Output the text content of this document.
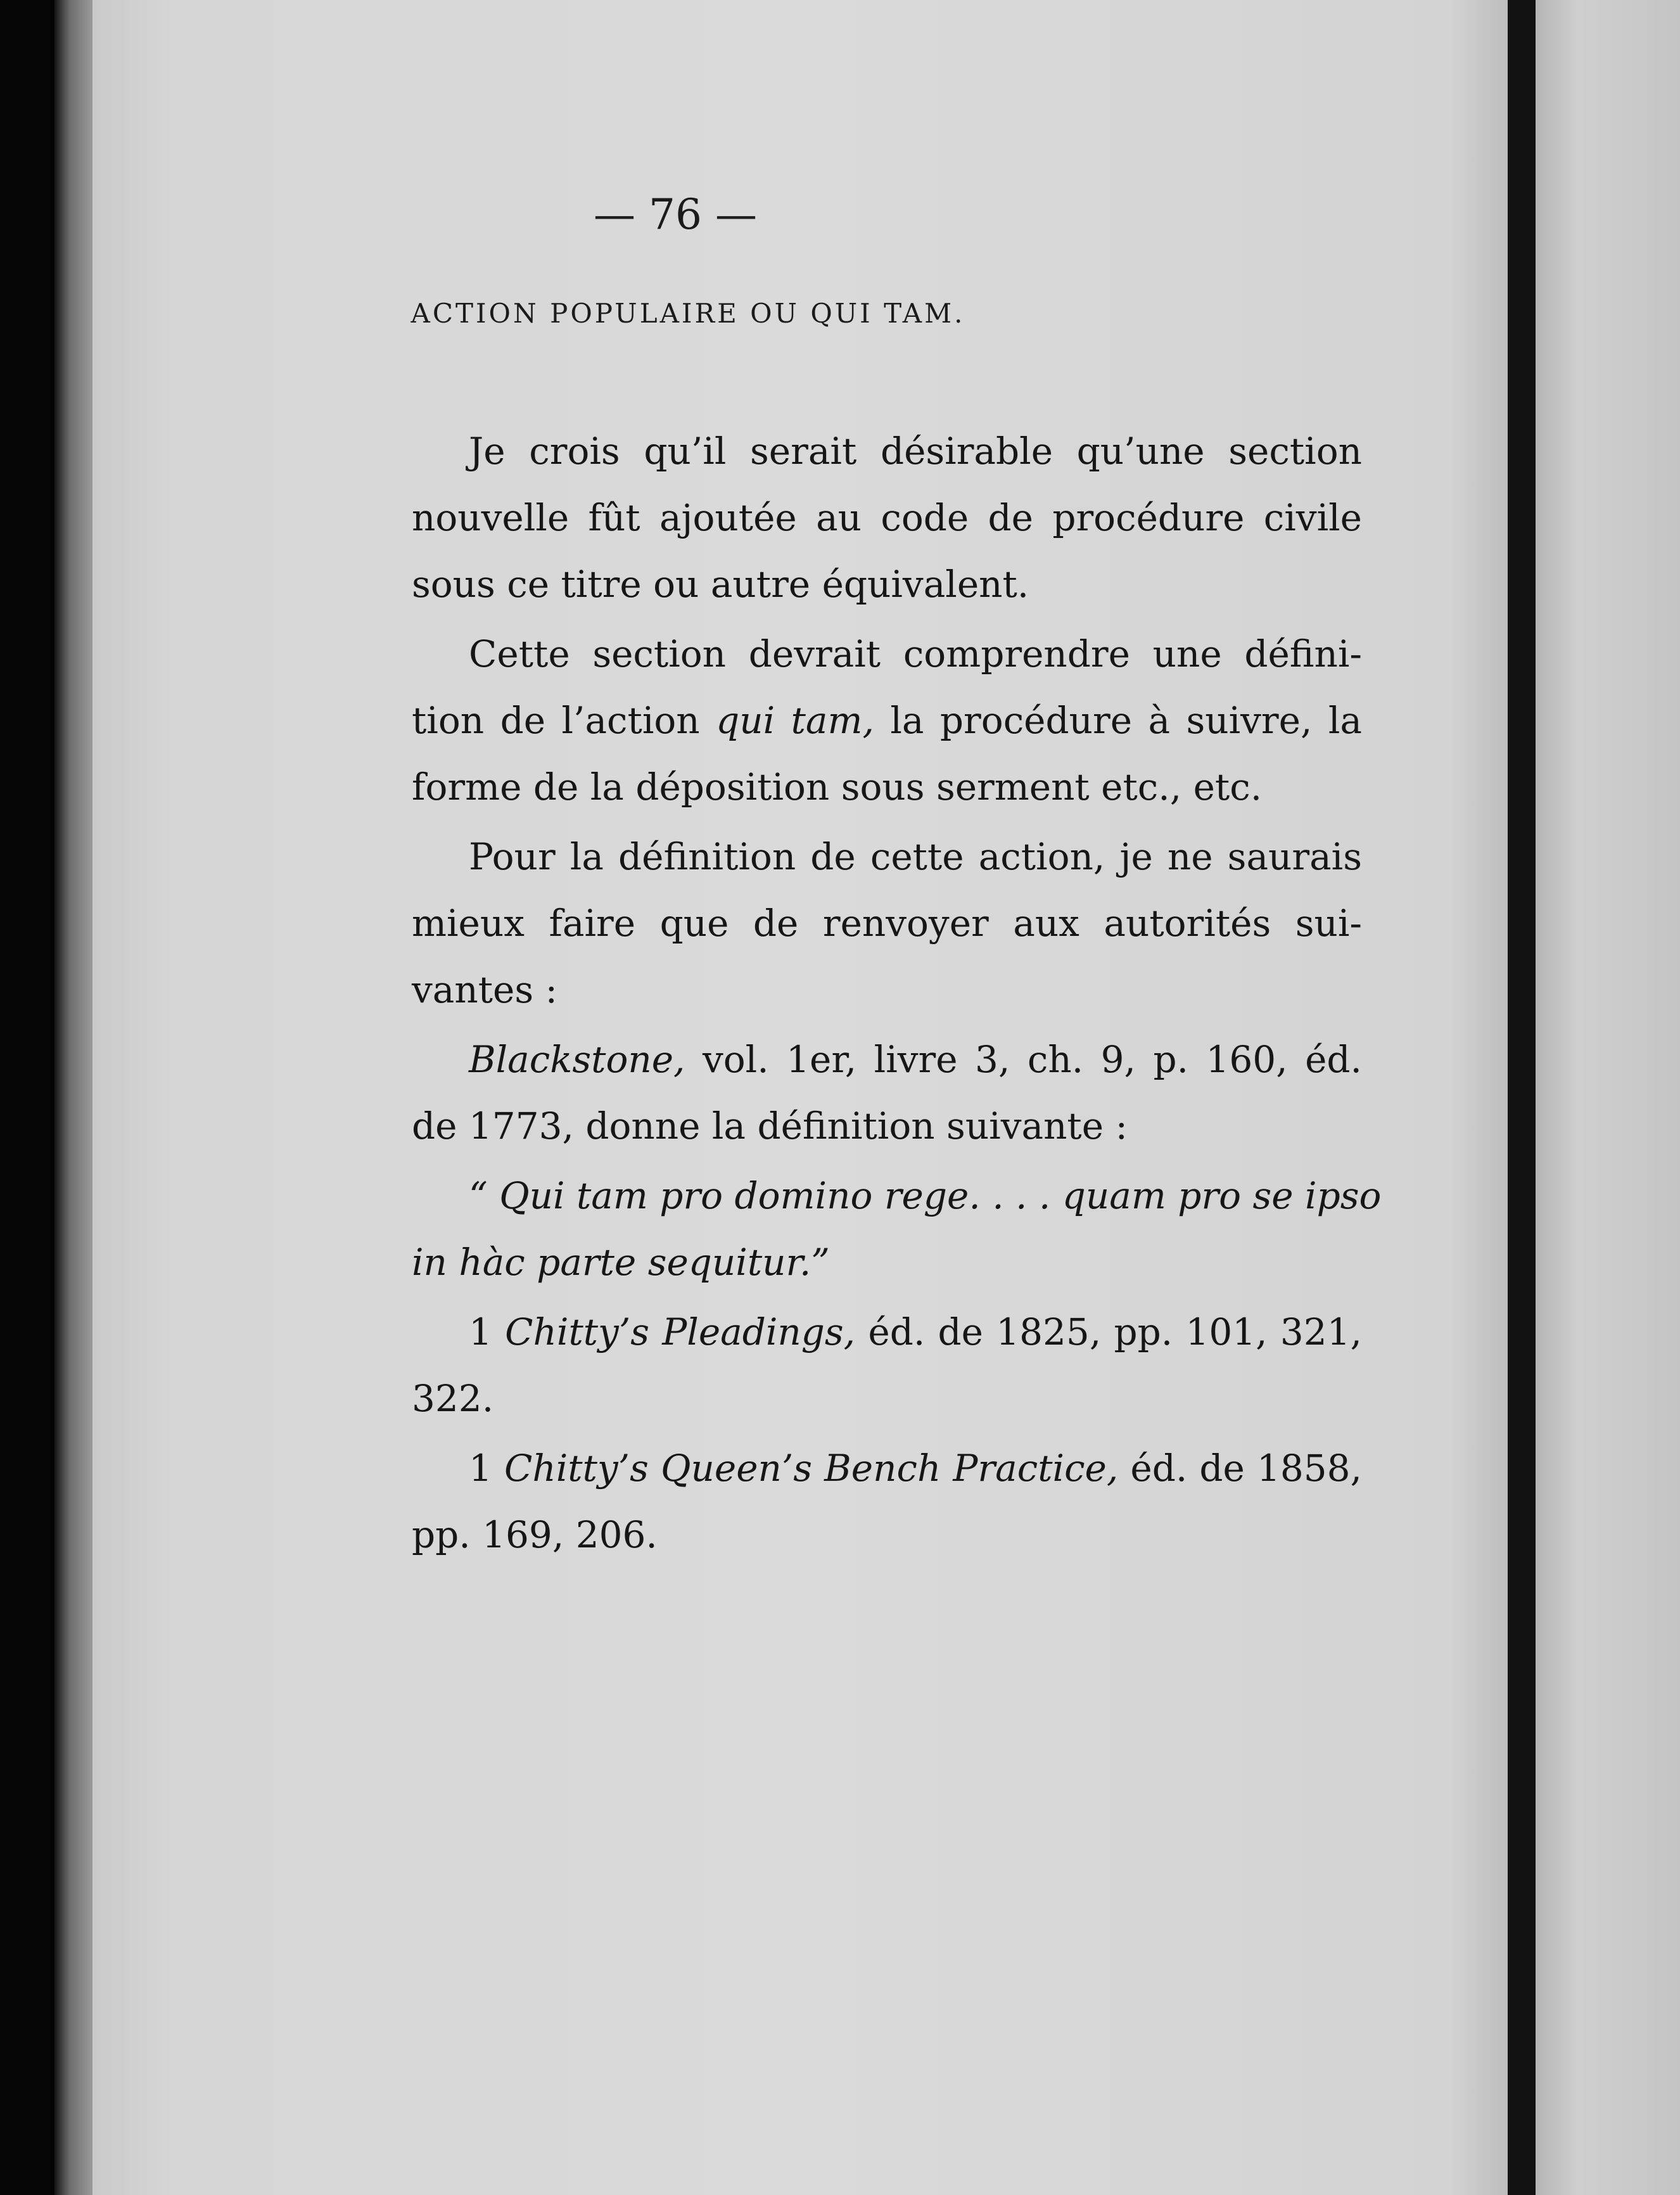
— 76 —

ACTION POPULAIRE OU QUI TAM.

Je crois qu’il serait désirable qu’une section

nouvelle fût ajoutée au code de procédure civile

sous ce titre ou autre équivalent.

Cette section devrait comprendre une défini-

tion de l’action qui tam, la procédure à suivre, la

forme de la déposition sous serment etc., etc.

Pour la définition de cette action, je ne saurais

mieux faire que de renvoyer aux autorités sui-

vantes :

Blackstone, vol. 1er, livre 3, ch. 9, p. 160, éd.

de 1773, donne la définition suivante :

“ Qui tam pro domino rege. . . . quam pro se ipso

in hàc parte sequitur.”

1 Chitty’s Pleadings, éd. de 1825, pp. 101, 321,

322.

1 Chitty’s Queen’s Bench Practice, éd. de 1858,

pp. 169, 206.
